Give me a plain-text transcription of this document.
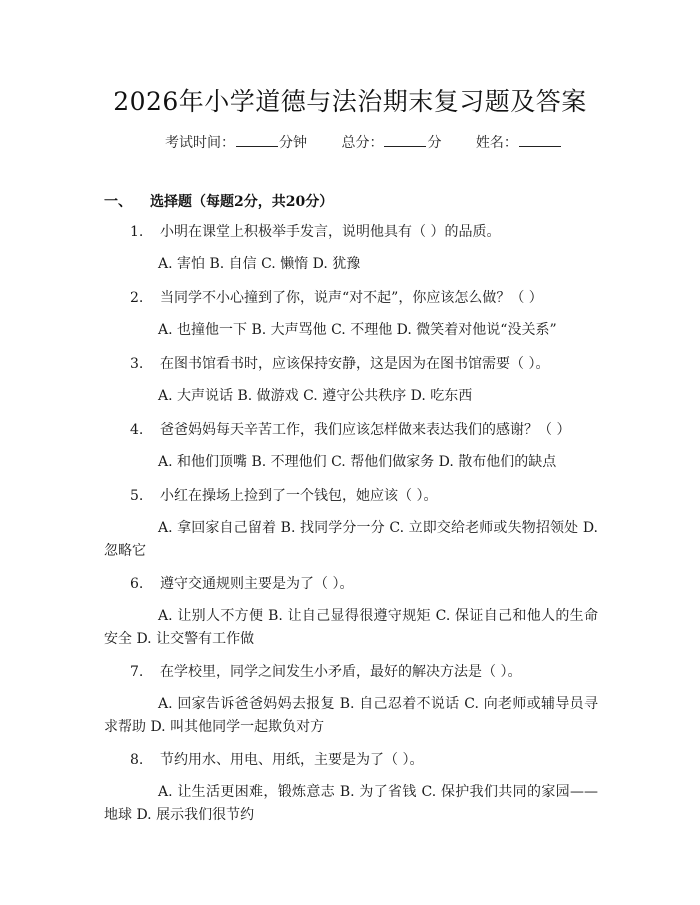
2026年小学道德与法治期末复习题及答案
考试时间：	分钟 总分：	分 姓名：
一、 选择题（每题2分，共20分）
1. 小明在课堂上积极举手发言，说明他具有（ ）的品质。
A. 害怕 B. 自信 C. 懒惰 D. 犹豫
2. 当同学不小心撞到了你，说声“对不起”，你应该怎么做？（ ）
A. 也撞他一下 B. 大声骂他 C. 不理他 D. 微笑着对他说“没关系”
3. 在图书馆看书时，应该保持安静，这是因为在图书馆需要（ ）。
A. 大声说话 B. 做游戏 C. 遵守公共秩序 D. 吃东西
4. 爸爸妈妈每天辛苦工作，我们应该怎样做来表达我们的感谢？（ ）
A. 和他们顶嘴 B. 不理他们 C. 帮他们做家务 D. 散布他们的缺点
5. 小红在操场上捡到了一个钱包，她应该（ ）。
A. 拿回家自己留着 B. 找同学分一分 C. 立即交给老师或失物招领处 D. 忽略它
6. 遵守交通规则主要是为了（ ）。
A. 让别人不方便 B. 让自己显得很遵守规矩 C. 保证自己和他人的生命安全 D. 让交警有工作做
7. 在学校里，同学之间发生小矛盾，最好的解决方法是（ ）。
A. 回家告诉爸爸妈妈去报复 B. 自己忍着不说话 C. 向老师或辅导员寻求帮助 D. 叫其他同学一起欺负对方
8. 节约用水、用电、用纸，主要是为了（ ）。
A. 让生活更困难，锻炼意志 B. 为了省钱 C. 保护我们共同的家园——地球 D. 展示我们很节约
